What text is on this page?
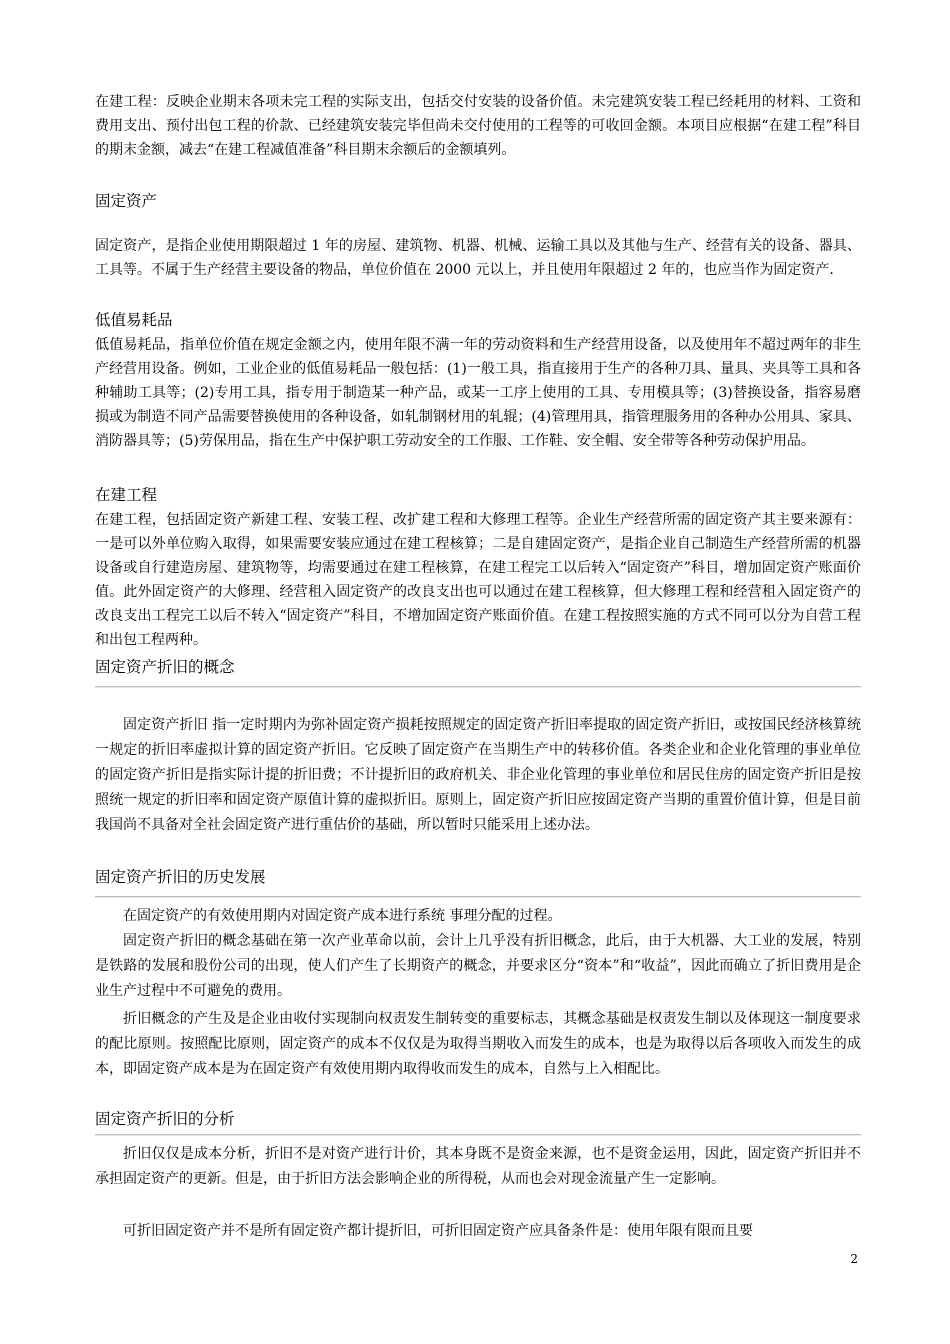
在建工程：反映企业期末各项未完工程的实际支出，包括交付安装的设备价值。未完建筑安装工程已经耗用的材料、工资和费用支出、预付出包工程的价款、已经建筑安装完毕但尚未交付使用的工程等的可收回金额。本项目应根据“在建工程”科目的期末金额，减去“在建工程减值准备”科目期末余额后的金额填列。

固定资产

固定资产，是指企业使用期限超过 1 年的房屋、建筑物、机器、机械、运输工具以及其他与生产、经营有关的设备、器具、工具等。不属于生产经营主要设备的物品，单位价值在 2000 元以上，并且使用年限超过 2 年的，也应当作为固定资产.

低值易耗品

低值易耗品，指单位价值在规定金额之内，使用年限不满一年的劳动资料和生产经营用设备，以及使用年不超过两年的非生产经营用设备。例如，工业企业的低值易耗品一般包括：(1)一般工具，指直接用于生产的各种刀具、量具、夹具等工具和各种辅助工具等；(2)专用工具，指专用于制造某一种产品，或某一工序上使用的工具、专用模具等；(3)替换设备，指容易磨损或为制造不同产品需要替换使用的各种设备，如轧制钢材用的轧辊；(4)管理用具，指管理服务用的各种办公用具、家具、消防器具等；(5)劳保用品，指在生产中保护职工劳动安全的工作服、工作鞋、安全帽、安全带等各种劳动保护用品。

在建工程

在建工程，包括固定资产新建工程、安装工程、改扩建工程和大修理工程等。企业生产经营所需的固定资产其主要来源有：一是可以外单位购入取得，如果需要安装应通过在建工程核算；二是自建固定资产，是指企业自己制造生产经营所需的机器设备或自行建造房屋、建筑物等，均需要通过在建工程核算，在建工程完工以后转入“固定资产”科目，增加固定资产账面价值。此外固定资产的大修理、经营租入固定资产的改良支出也可以通过在建工程核算，但大修理工程和经营租入固定资产的改良支出工程完工以后不转入“固定资产”科目，不增加固定资产账面价值。在建工程按照实施的方式不同可以分为自营工程和出包工程两种。

固定资产折旧的概念

固定资产折旧 指一定时期内为弥补固定资产损耗按照规定的固定资产折旧率提取的固定资产折旧，或按国民经济核算统一规定的折旧率虚拟计算的固定资产折旧。它反映了固定资产在当期生产中的转移价值。各类企业和企业化管理的事业单位的固定资产折旧是指实际计提的折旧费；不计提折旧的政府机关、非企业化管理的事业单位和居民住房的固定资产折旧是按照统一规定的折旧率和固定资产原值计算的虚拟折旧。原则上，固定资产折旧应按固定资产当期的重置价值计算，但是目前我国尚不具备对全社会固定资产进行重估价的基础，所以暂时只能采用上述办法。

固定资产折旧的历史发展

在固定资产的有效使用期内对固定资产成本进行系统 事理分配的过程。

固定资产折旧的概念基础在第一次产业革命以前，会计上几乎没有折旧概念，此后，由于大机器、大工业的发展，特别是铁路的发展和股份公司的出现，使人们产生了长期资产的概念，并要求区分“资本”和“收益”，因此而确立了折旧费用是企业生产过程中不可避免的费用。

折旧概念的产生及是企业由收付实现制向权责发生制转变的重要标志，其概念基础是权责发生制以及体现这一制度要求的配比原则。按照配比原则，固定资产的成本不仅仅是为取得当期收入而发生的成本，也是为取得以后各项收入而发生的成本，即固定资产成本是为在固定资产有效使用期内取得收而发生的成本，自然与上入相配比。

固定资产折旧的分析

折旧仅仅是成本分析，折旧不是对资产进行计价，其本身既不是资金来源，也不是资金运用，因此，固定资产折旧并不承担固定资产的更新。但是，由于折旧方法会影响企业的所得税，从而也会对现金流量产生一定影响。

可折旧固定资产并不是所有固定资产都计提折旧，可折旧固定资产应具备条件是：使用年限有限而且要

2
